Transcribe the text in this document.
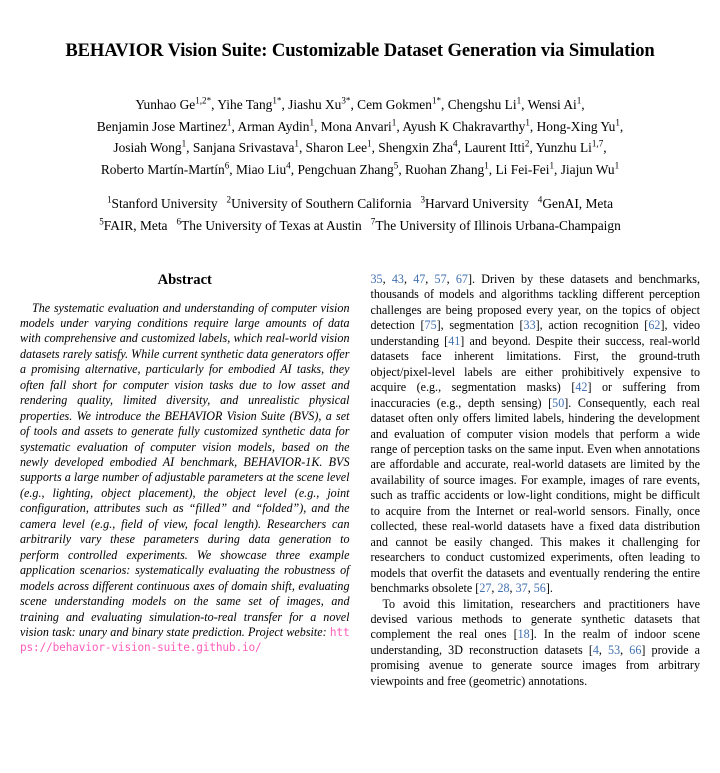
BEHAVIOR Vision Suite: Customizable Dataset Generation via Simulation
Yunhao $Ge^{1,2*}$, Yihe Tang$^{1*}$, Jiashu $Xu^{3*}$, Cem Gokmen$^{1*}$, Chengshu Li$^1$, Wensi Ai$^1$,
Benjamin Jose Martinez$^1$, Arman Aydin$^1$, Mona Anvari$^1$, Ayush K Chakravarthy$^1$, Hong-Xing Yu$^1$,
Josiah Wong$^1$, Sanjana Srivastava$^1$, Sharon Lee$^1$, Shengxin Zha$^4$, Laurent Itti$^2$, Yunzhu Li$^{1,7}$,
Roberto Martín-Martín$^6$, Miao Liu$^4$, Pengchuan Zhang$^5$, Ruohan Zhang$^1$, Li Fei-Fei$^1$, Jiajun Wu$^1$
$^1$Stanford University $^2$University of Southern California $^3$Harvard University $^4$GenAI, Meta
$^5$FAIR, Meta $^6$The University of Texas at Austin $^7$The University of Illinois Urbana-Champaign
Abstract

The systematic evaluation and understanding of computer vision models under varying conditions require large amounts of data with comprehensive and customized labels, which real-world vision datasets rarely satisfy. While current synthetic data generators offer a promising alternative, particularly for embodied AI tasks, they often fall short for computer vision tasks due to low asset and rendering quality, limited diversity, and unrealistic physical properties. We introduce the BEHAVIOR Vision Suite (BVS), a set of tools and assets to generate fully customized synthetic data for systematic evaluation of computer vision models, based on the newly developed embodied AI benchmark, BEHAVIOR-1K. BVS supports a large number of adjustable parameters at the scene level (e.g., lighting, object placement), the object level (e.g., joint configuration, attributes such as “filled” and “folded”), and the camera level (e.g., field of view, focal length). Researchers can arbitrarily vary these parameters during data generation to perform controlled experiments. We showcase three example application scenarios: systematically evaluating the robustness of models across different continuous axes of domain shift, evaluating scene understanding models on the same set of images, and training and evaluating simulation-to-real transfer for a novel vision task: unary and binary state prediction. Project website: https://behavior-vision-suite.github.io/

35, 43, 47, 57, 67]. Driven by these datasets and benchmarks, thousands of models and algorithms tackling different perception challenges are being proposed every year, on the topics of object detection [75], segmentation [33], action recognition [62], video understanding [41] and beyond. Despite their success, real-world datasets face inherent limitations. First, the ground-truth object/pixel-level labels are either prohibitively expensive to acquire (e.g., segmentation masks) [42] or suffering from inaccuracies (e.g., depth sensing) [50]. Consequently, each real dataset often only offers limited labels, hindering the development and evaluation of computer vision models that perform a wide range of perception tasks on the same input. Even when annotations are affordable and accurate, real-world datasets are limited by the availability of source images. For example, images of rare events, such as traffic accidents or low-light conditions, might be difficult to acquire from the Internet or real-world sensors. Finally, once collected, these real-world datasets have a fixed data distribution and cannot be easily changed. This makes it challenging for researchers to conduct customized experiments, often leading to models that overfit the datasets and eventually rendering the entire benchmarks obsolete [27, 28, 37, 56].

To avoid this limitation, researchers and practitioners have devised various methods to generate synthetic datasets that complement the real ones [18]. In the realm of indoor scene understanding, 3D reconstruction datasets [4, 53, 66] provide a promising avenue to generate source images from arbitrary viewpoints and free (geometric) annotations.
